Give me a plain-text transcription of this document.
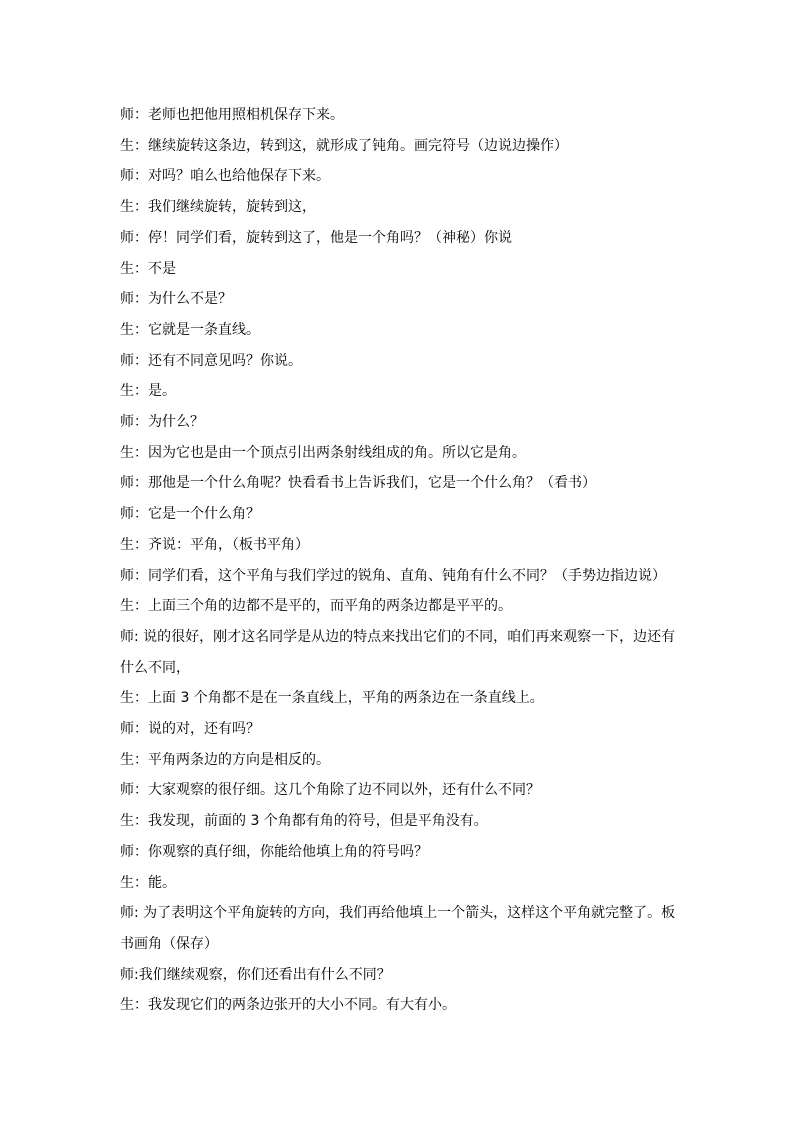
师：老师也把他用照相机保存下来。

生：继续旋转这条边，转到这，就形成了钝角。画完符号（边说边操作）

师：对吗？咱么也给他保存下来。

生：我们继续旋转，旋转到这，

师：停！同学们看，旋转到这了，他是一个角吗？（神秘）你说

生：不是

师：为什么不是？

生：它就是一条直线。

师：还有不同意见吗？你说。

生：是。

师：为什么？

生：因为它也是由一个顶点引出两条射线组成的角。所以它是角。

师：那他是一个什么角呢？快看看书上告诉我们，它是一个什么角？（看书）

师：它是一个什么角？

生：齐说：平角，（板书平角）

师：同学们看，这个平角与我们学过的锐角、直角、钝角有什么不同？（手势边指边说）

生：上面三个角的边都不是平的，而平角的两条边都是平平的。

师: 说的很好，刚才这名同学是从边的特点来找出它们的不同，咱们再来观察一下，边还有

什么不同，

生：上面 3 个角都不是在一条直线上，平角的两条边在一条直线上。

师：说的对，还有吗？

生：平角两条边的方向是相反的。

师：大家观察的很仔细。这几个角除了边不同以外，还有什么不同？

生：我发现，前面的 3 个角都有角的符号，但是平角没有。

师：你观察的真仔细，你能给他填上角的符号吗？

生：能。

师: 为了表明这个平角旋转的方向，我们再给他填上一个箭头，这样这个平角就完整了。板

书画角（保存）

师:我们继续观察，你们还看出有什么不同？

生：我发现它们的两条边张开的大小不同。有大有小。
